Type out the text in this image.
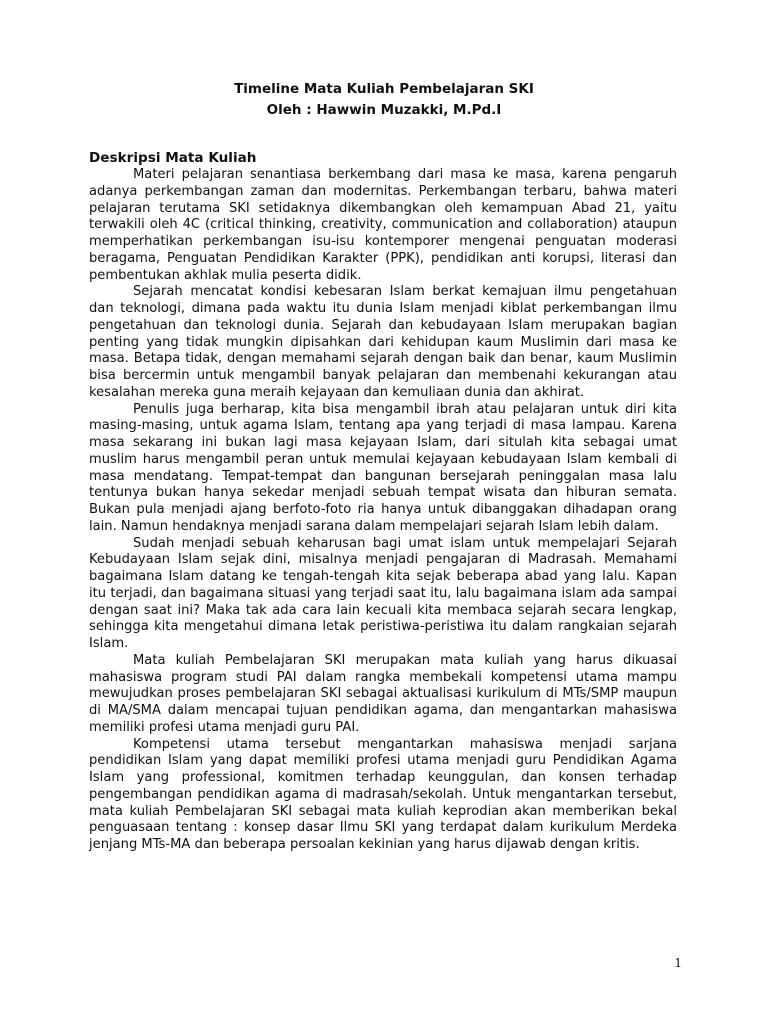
Timeline Mata Kuliah Pembelajaran SKI
Oleh : Hawwin Muzakki, M.Pd.I

Deskripsi Mata Kuliah

Materi pelajaran senantiasa berkembang dari masa ke masa, karena pengaruh adanya perkembangan zaman dan modernitas. Perkembangan terbaru, bahwa materi pelajaran terutama SKI setidaknya dikembangkan oleh kemampuan Abad 21, yaitu terwakili oleh 4C (critical thinking, creativity, communication and collaboration) ataupun memperhatikan perkembangan isu-isu kontemporer mengenai penguatan moderasi beragama, Penguatan Pendidikan Karakter (PPK), pendidikan anti korupsi, literasi dan pembentukan akhlak mulia peserta didik.

Sejarah mencatat kondisi kebesaran Islam berkat kemajuan ilmu pengetahuan dan teknologi, dimana pada waktu itu dunia Islam menjadi kiblat perkembangan ilmu pengetahuan dan teknologi dunia. Sejarah dan kebudayaan Islam merupakan bagian penting yang tidak mungkin dipisahkan dari kehidupan kaum Muslimin dari masa ke masa. Betapa tidak, dengan memahami sejarah dengan baik dan benar, kaum Muslimin bisa bercermin untuk mengambil banyak pelajaran dan membenahi kekurangan atau kesalahan mereka guna meraih kejayaan dan kemuliaan dunia dan akhirat.

Penulis juga berharap, kita bisa mengambil ibrah atau pelajaran untuk diri kita masing-masing, untuk agama Islam, tentang apa yang terjadi di masa lampau. Karena masa sekarang ini bukan lagi masa kejayaan Islam, dari situlah kita sebagai umat muslim harus mengambil peran untuk memulai kejayaan kebudayaan Islam kembali di masa mendatang. Tempat-tempat dan bangunan bersejarah peninggalan masa lalu tentunya bukan hanya sekedar menjadi sebuah tempat wisata dan hiburan semata. Bukan pula menjadi ajang berfoto-foto ria hanya untuk dibanggakan dihadapan orang lain. Namun hendaknya menjadi sarana dalam mempelajari sejarah Islam lebih dalam.

Sudah menjadi sebuah keharusan bagi umat islam untuk mempelajari Sejarah Kebudayaan Islam sejak dini, misalnya menjadi pengajaran di Madrasah. Memahami bagaimana Islam datang ke tengah-tengah kita sejak beberapa abad yang lalu. Kapan itu terjadi, dan bagaimana situasi yang terjadi saat itu, lalu bagaimana islam ada sampai dengan saat ini? Maka tak ada cara lain kecuali kita membaca sejarah secara lengkap, sehingga kita mengetahui dimana letak peristiwa-peristiwa itu dalam rangkaian sejarah Islam.

Mata kuliah Pembelajaran SKI merupakan mata kuliah yang harus dikuasai mahasiswa program studi PAI dalam rangka membekali kompetensi utama mampu mewujudkan proses pembelajaran SKI sebagai aktualisasi kurikulum di MTs/SMP maupun di MA/SMA dalam mencapai tujuan pendidikan agama, dan mengantarkan mahasiswa memiliki profesi utama menjadi guru PAI.

Kompetensi utama tersebut mengantarkan mahasiswa menjadi sarjana pendidikan Islam yang dapat memiliki profesi utama menjadi guru Pendidikan Agama Islam yang professional, komitmen terhadap keunggulan, dan konsen terhadap pengembangan pendidikan agama di madrasah/sekolah. Untuk mengantarkan tersebut, mata kuliah Pembelajaran SKI sebagai mata kuliah keprodian akan memberikan bekal penguasaan tentang : konsep dasar Ilmu SKI yang terdapat dalam kurikulum Merdeka jenjang MTs-MA dan beberapa persoalan kekinian yang harus dijawab dengan kritis.

1
